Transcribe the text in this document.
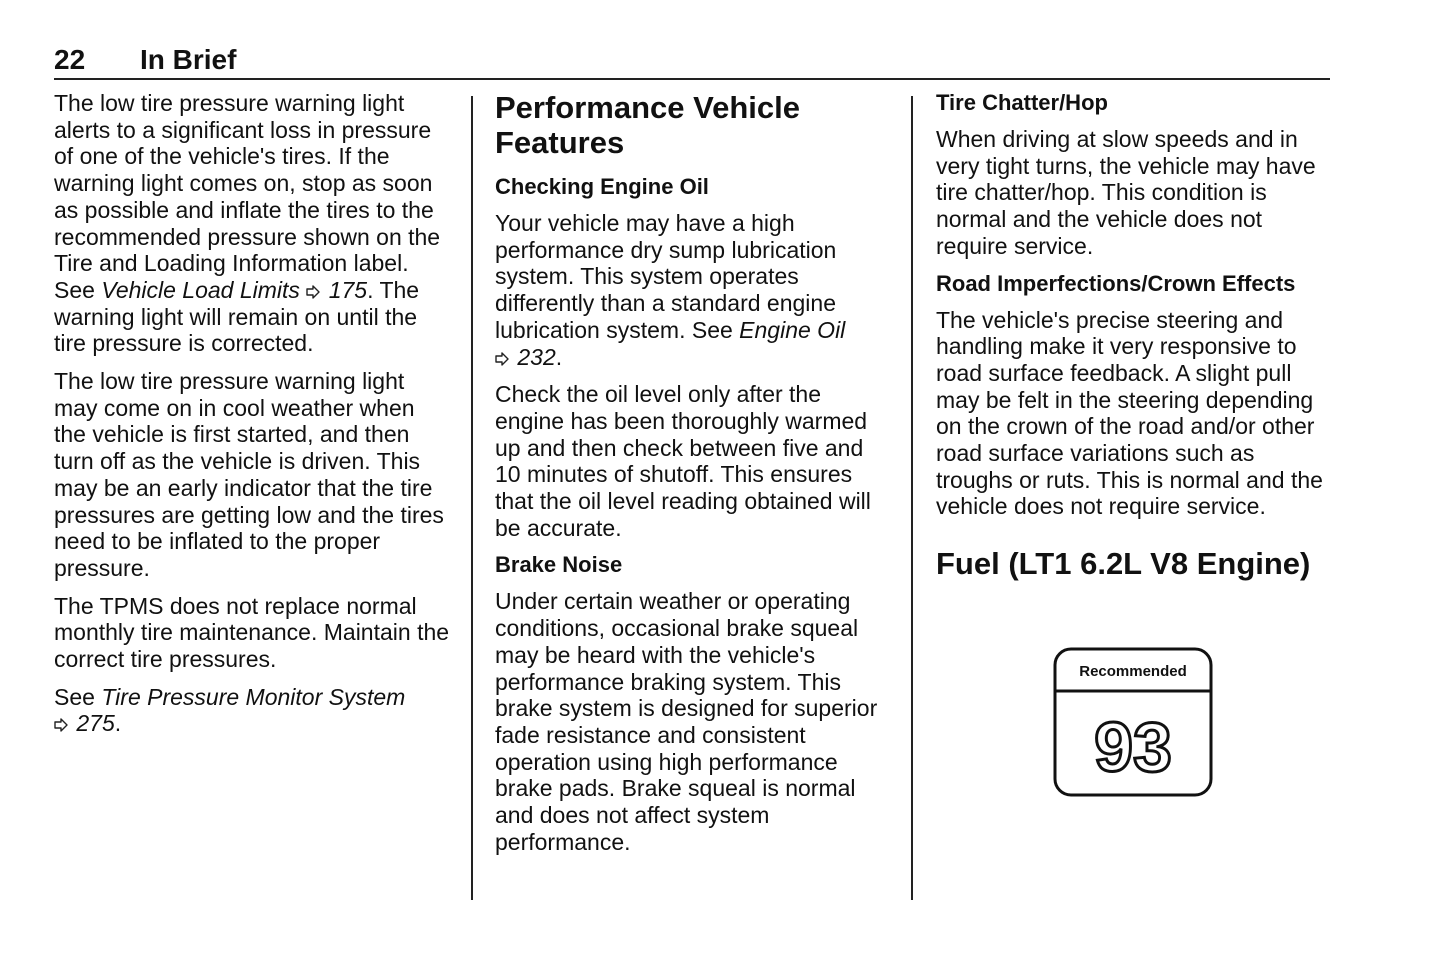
22 In Brief

The low tire pressure warning light alerts to a significant loss in pressure of one of the vehicle's tires. If the warning light comes on, stop as soon as possible and inflate the tires to the recommended pressure shown on the Tire and Loading Information label. See Vehicle Load Limits 175. The warning light will remain on until the tire pressure is corrected.

The low tire pressure warning light may come on in cool weather when the vehicle is first started, and then turn off as the vehicle is driven. This may be an early indicator that the tire pressures are getting low and the tires need to be inflated to the proper pressure.

The TPMS does not replace normal monthly tire maintenance. Maintain the correct tire pressures.

See Tire Pressure Monitor System
275.

Performance Vehicle Features
Checking Engine Oil

Your vehicle may have a high performance dry sump lubrication system. This system operates differently than a standard engine lubrication system. See Engine Oil
232.

Check the oil level only after the engine has been thoroughly warmed up and then check between five and 10 minutes of shutoff. This ensures that the oil level reading obtained will be accurate.

Brake Noise

Under certain weather or operating conditions, occasional brake squeal may be heard with the vehicle's performance braking system. This brake system is designed for superior fade resistance and consistent operation using high performance brake pads. Brake squeal is normal and does not affect system performance.

Tire Chatter/Hop

When driving at slow speeds and in very tight turns, the vehicle may have tire chatter/hop. This condition is normal and the vehicle does not require service.

Road Imperfections/Crown Effects

The vehicle's precise steering and handling make it very responsive to road surface feedback. A slight pull may be felt in the steering depending on the crown of the road and/or other road surface variations such as troughs or ruts. This is normal and the vehicle does not require service.

Fuel (LT1 6.2L V8 Engine)
Recommended
93
